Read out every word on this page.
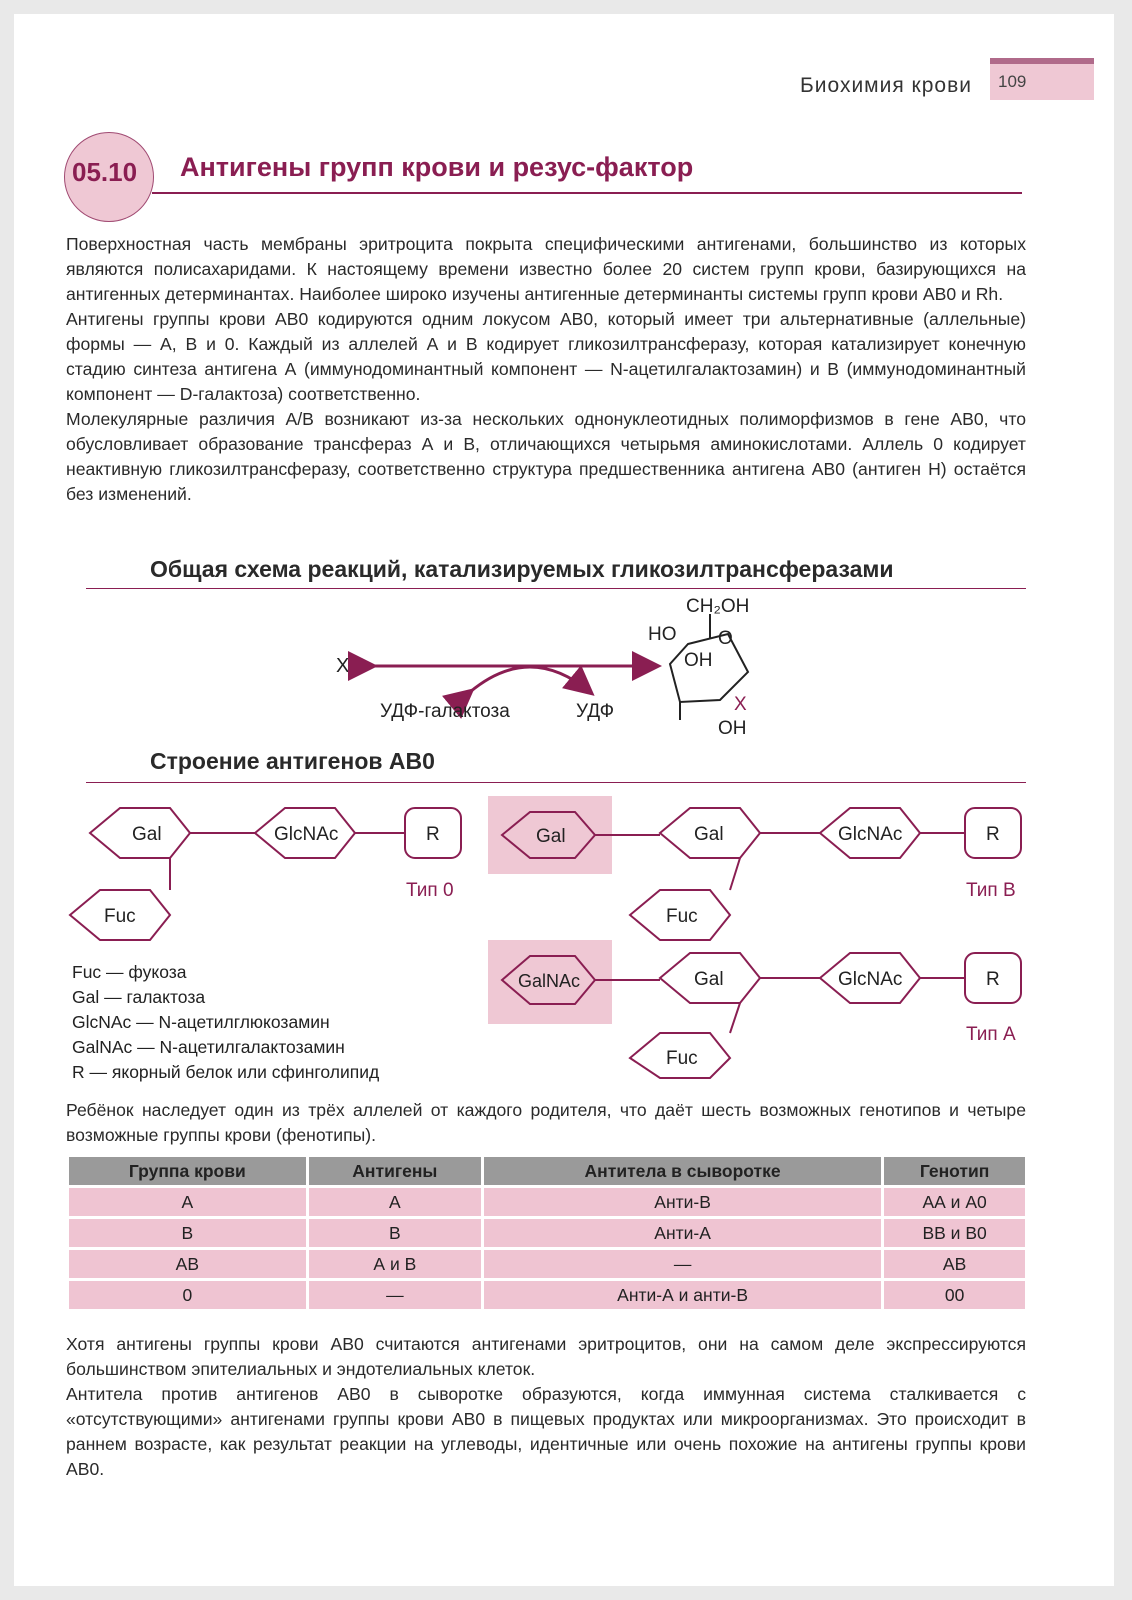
Биохимия крови 109
05.10	Антигены групп крови и резус-фактор

Поверхностная часть мембраны эритроцита покрыта специфическими антигенами, большинство из которых являются полисахаридами. К настоящему времени известно более 20 систем групп крови, базирующихся на антигенных детерминантах. Наиболее широко изучены антигенные детерминанты системы групп крови АВ0 и Rh.

Антигены группы крови АВ0 кодируются одним локусом АВ0, который имеет три альтернативные (аллельные) формы — А, В и 0. Каждый из аллелей А и В кодирует гликозилтрансферазу, которая катализирует конечную стадию синтеза антигена А (иммунодоминантный компонент — N-ацетилгалактозамин) и В (иммунодоминантный компонент — D-галактоза) соответственно.

Молекулярные различия А/В возникают из-за нескольких однонуклеотидных полиморфизмов в гене АВ0, что обусловливает образование трансфераз А и В, отличающихся четырьмя аминокислотами. Аллель 0 кодирует неактивную гликозилтрансферазу, соответственно структура предшественника антигена АВ0 (антиген Н) остаётся без изменений.

Общая схема реакций, катализируемых гликозилтрансферазами
XH
УДФ-галактоза	УДФ
CH₂OH
HO O
OH
X
OH
Строение антигенов АВ0
Gal	GlcNAc	R
Fuc
Тип 0
Gal	Gal	GlcNAc	R
Fuc
Тип В
GalNAc	Gal	GlcNAc	R
Fuc
Тип А
Fuc — фукоза
Gal — галактоза
GlcNAc — N-ацетилглюкозамин
GalNAc — N-ацетилгалактозамин
R — якорный белок или сфинголипид
Ребёнок наследует один из трёх аллелей от каждого родителя, что даёт шесть возможных генотипов и четыре возможные группы крови (фенотипы).
Группа крови	Антигены	Антитела в сыворотке	Генотип
А	А	Анти-В	АА и А0
В	В	Анти-А	ВВ и В0
АВ	А и В	—	АВ
0	—	Анти-А и анти-В	00

Хотя антигены группы крови АВ0 считаются антигенами эритроцитов, они на самом деле экспрессируются большинством эпителиальных и эндотелиальных клеток.

Антитела против антигенов АВ0 в сыворотке образуются, когда иммунная система сталкивается с «отсутствующими» антигенами группы крови АВ0 в пищевых продуктах или микроорганизмах. Это происходит в раннем возрасте, как результат реакции на углеводы, идентичные или очень похожие на антигены группы крови АВ0.
